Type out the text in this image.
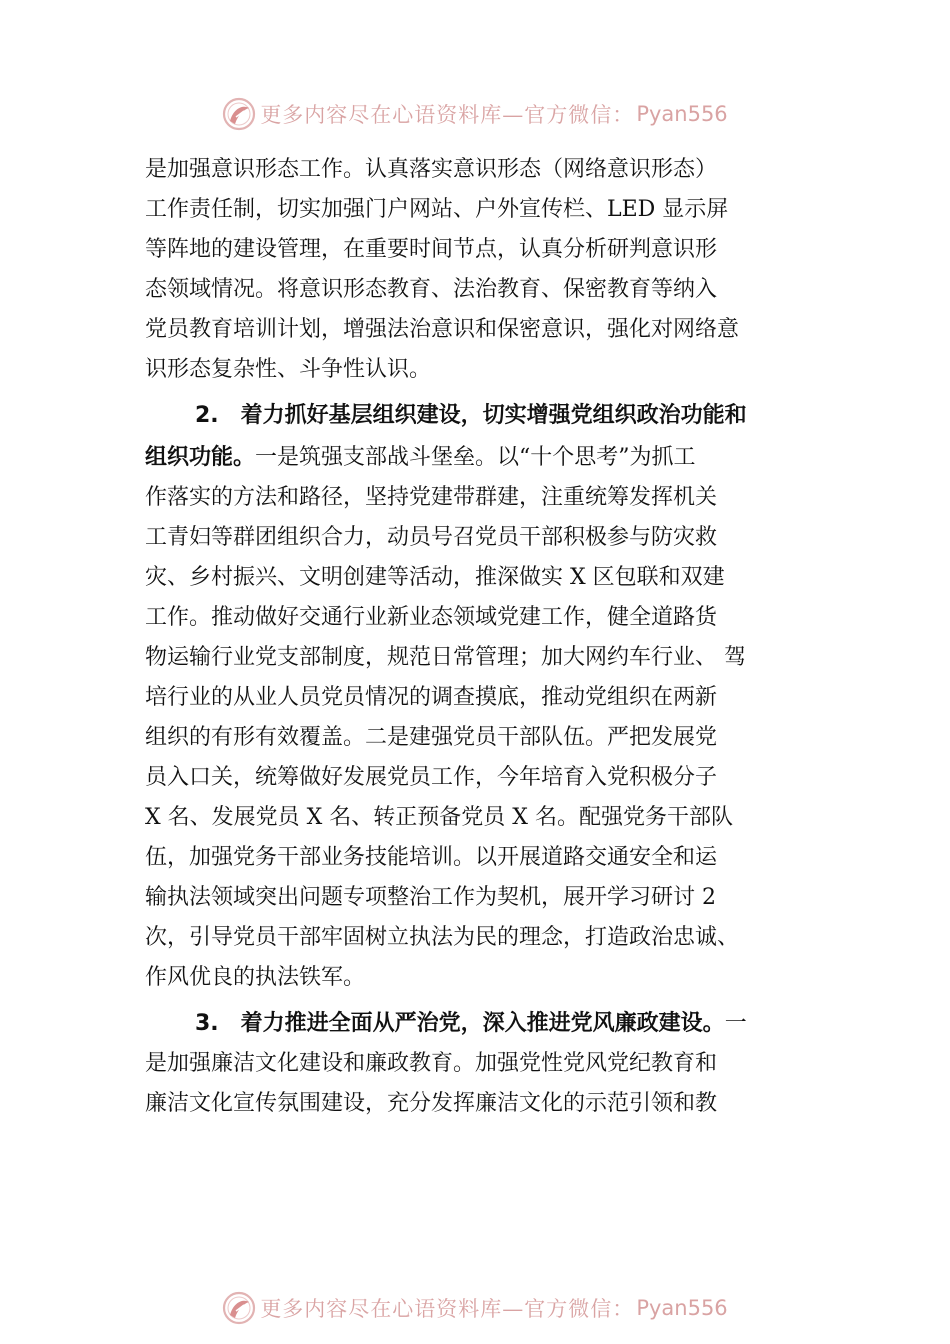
更多内容尽在心语资料库—官方微信： Pyan556
是加强意识形态工作。认真落实意识形态（网络意识形态）
工作责任制，切实加强门户网站、户外宣传栏、LED 显示屏
等阵地的建设管理，在重要时间节点，认真分析研判意识形
态领域情况。将意识形态教育、法治教育、保密教育等纳入
党员教育培训计划，增强法治意识和保密意识，强化对网络意
识形态复杂性、斗争性认识。
2. 着力抓好基层组织建设，切实增强党组织政治功能和
组织功能。一是筑强支部战斗堡垒。以“十个思考”为抓工
作落实的方法和路径，坚持党建带群建，注重统筹发挥机关
工青妇等群团组织合力，动员号召党员干部积极参与防灾救
灾、乡村振兴、文明创建等活动，推深做实 X 区包联和双建
工作。推动做好交通行业新业态领域党建工作，健全道路货
物运输行业党支部制度，规范日常管理；加大网约车行业、 驾
培行业的从业人员党员情况的调查摸底，推动党组织在两新
组织的有形有效覆盖。二是建强党员干部队伍。严把发展党
员入口关，统筹做好发展党员工作，今年培育入党积极分子
X 名、发展党员 X 名、转正预备党员 X 名。配强党务干部队
伍，加强党务干部业务技能培训。以开展道路交通安全和运
输执法领域突出问题专项整治工作为契机，展开学习研讨 2
次，引导党员干部牢固树立执法为民的理念，打造政治忠诚、
作风优良的执法铁军。
3. 着力推进全面从严治党，深入推进党风廉政建设。一
是加强廉洁文化建设和廉政教育。加强党性党风党纪教育和
廉洁文化宣传氛围建设，充分发挥廉洁文化的示范引领和教
更多内容尽在心语资料库—官方微信： Pyan556
